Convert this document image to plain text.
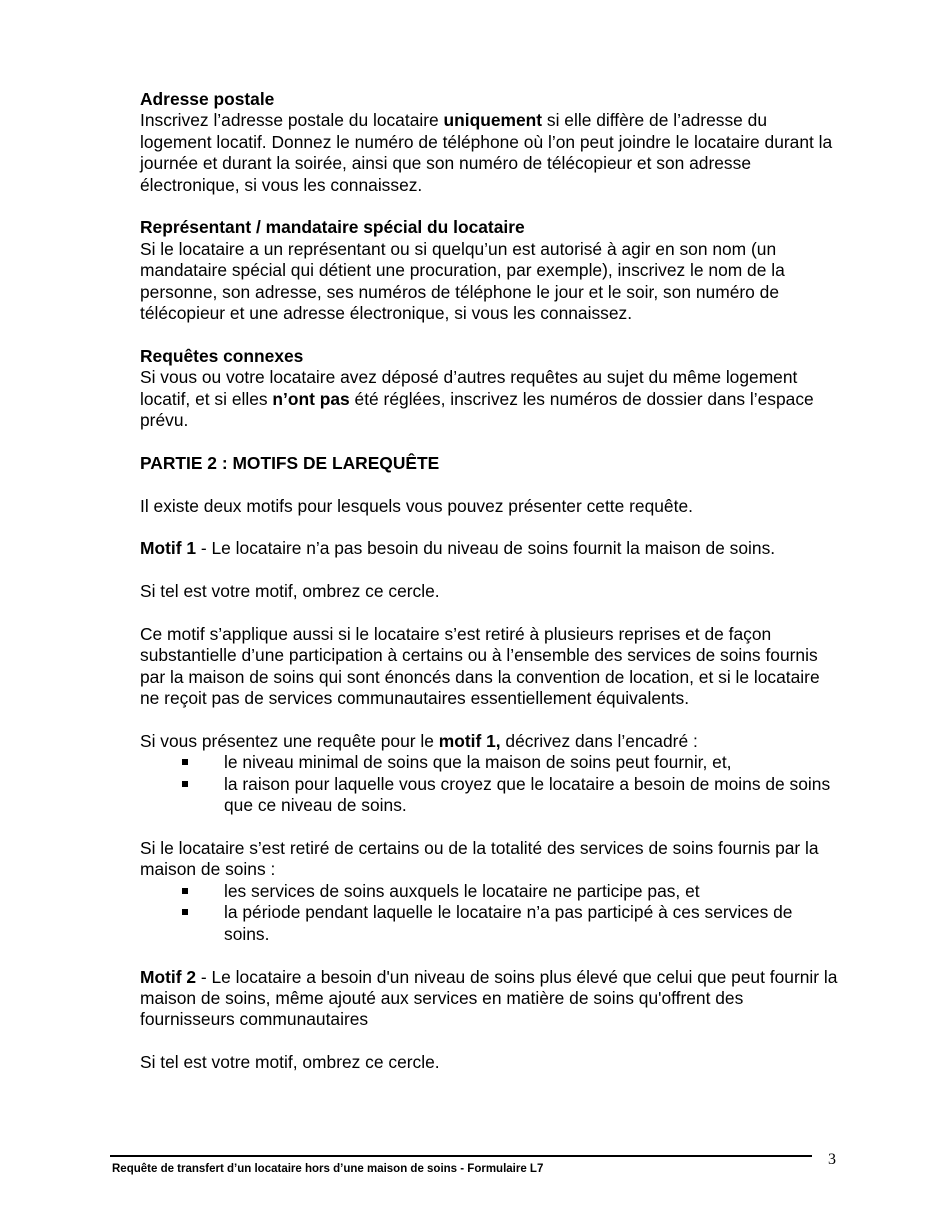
Adresse postale

Inscrivez l’adresse postale du locataire uniquement si elle diffère de l’adresse du logement locatif. Donnez le numéro de téléphone où l’on peut joindre le locataire durant la journée et durant la soirée, ainsi que son numéro de télécopieur et son adresse électronique, si vous les connaissez.

Représentant / mandataire spécial du locataire

Si le locataire a un représentant ou si quelqu’un est autorisé à agir en son nom (un mandataire spécial qui détient une procuration, par exemple), inscrivez le nom de la personne, son adresse, ses numéros de téléphone le jour et le soir, son numéro de télécopieur et une adresse électronique, si vous les connaissez.

Requêtes connexes

Si vous ou votre locataire avez déposé d’autres requêtes au sujet du même logement locatif, et si elles n’ont pas été réglées, inscrivez les numéros de dossier dans l’espace prévu.

PARTIE 2 : MOTIFS DE LAREQUÊTE

Il existe deux motifs pour lesquels vous pouvez présenter cette requête.

Motif 1 - Le locataire n’a pas besoin du niveau de soins fournit la maison de soins.

Si tel est votre motif, ombrez ce cercle.

Ce motif s’applique aussi si le locataire s’est retiré à plusieurs reprises et de façon substantielle d’une participation à certains ou à l’ensemble des services de soins fournis par la maison de soins qui sont énoncés dans la convention de location, et si le locataire ne reçoit pas de services communautaires essentiellement équivalents.

Si vous présentez une requête pour le motif 1, décrivez dans l’encadré :

le niveau minimal de soins que la maison de soins peut fournir, et,
la raison pour laquelle vous croyez que le locataire a besoin de moins de soins que ce niveau de soins.

Si le locataire s’est retiré de certains ou de la totalité des services de soins fournis par la maison de soins :

les services de soins auxquels le locataire ne participe pas, et
la période pendant laquelle le locataire n’a pas participé à ces services de soins.

Motif 2 - Le locataire a besoin d'un niveau de soins plus élevé que celui que peut fournir la maison de soins, même ajouté aux services en matière de soins qu'offrent des fournisseurs communautaires

Si tel est votre motif, ombrez ce cercle.

Requête de transfert d’un locataire hors d’une maison de soins - Formulaire L7
3
